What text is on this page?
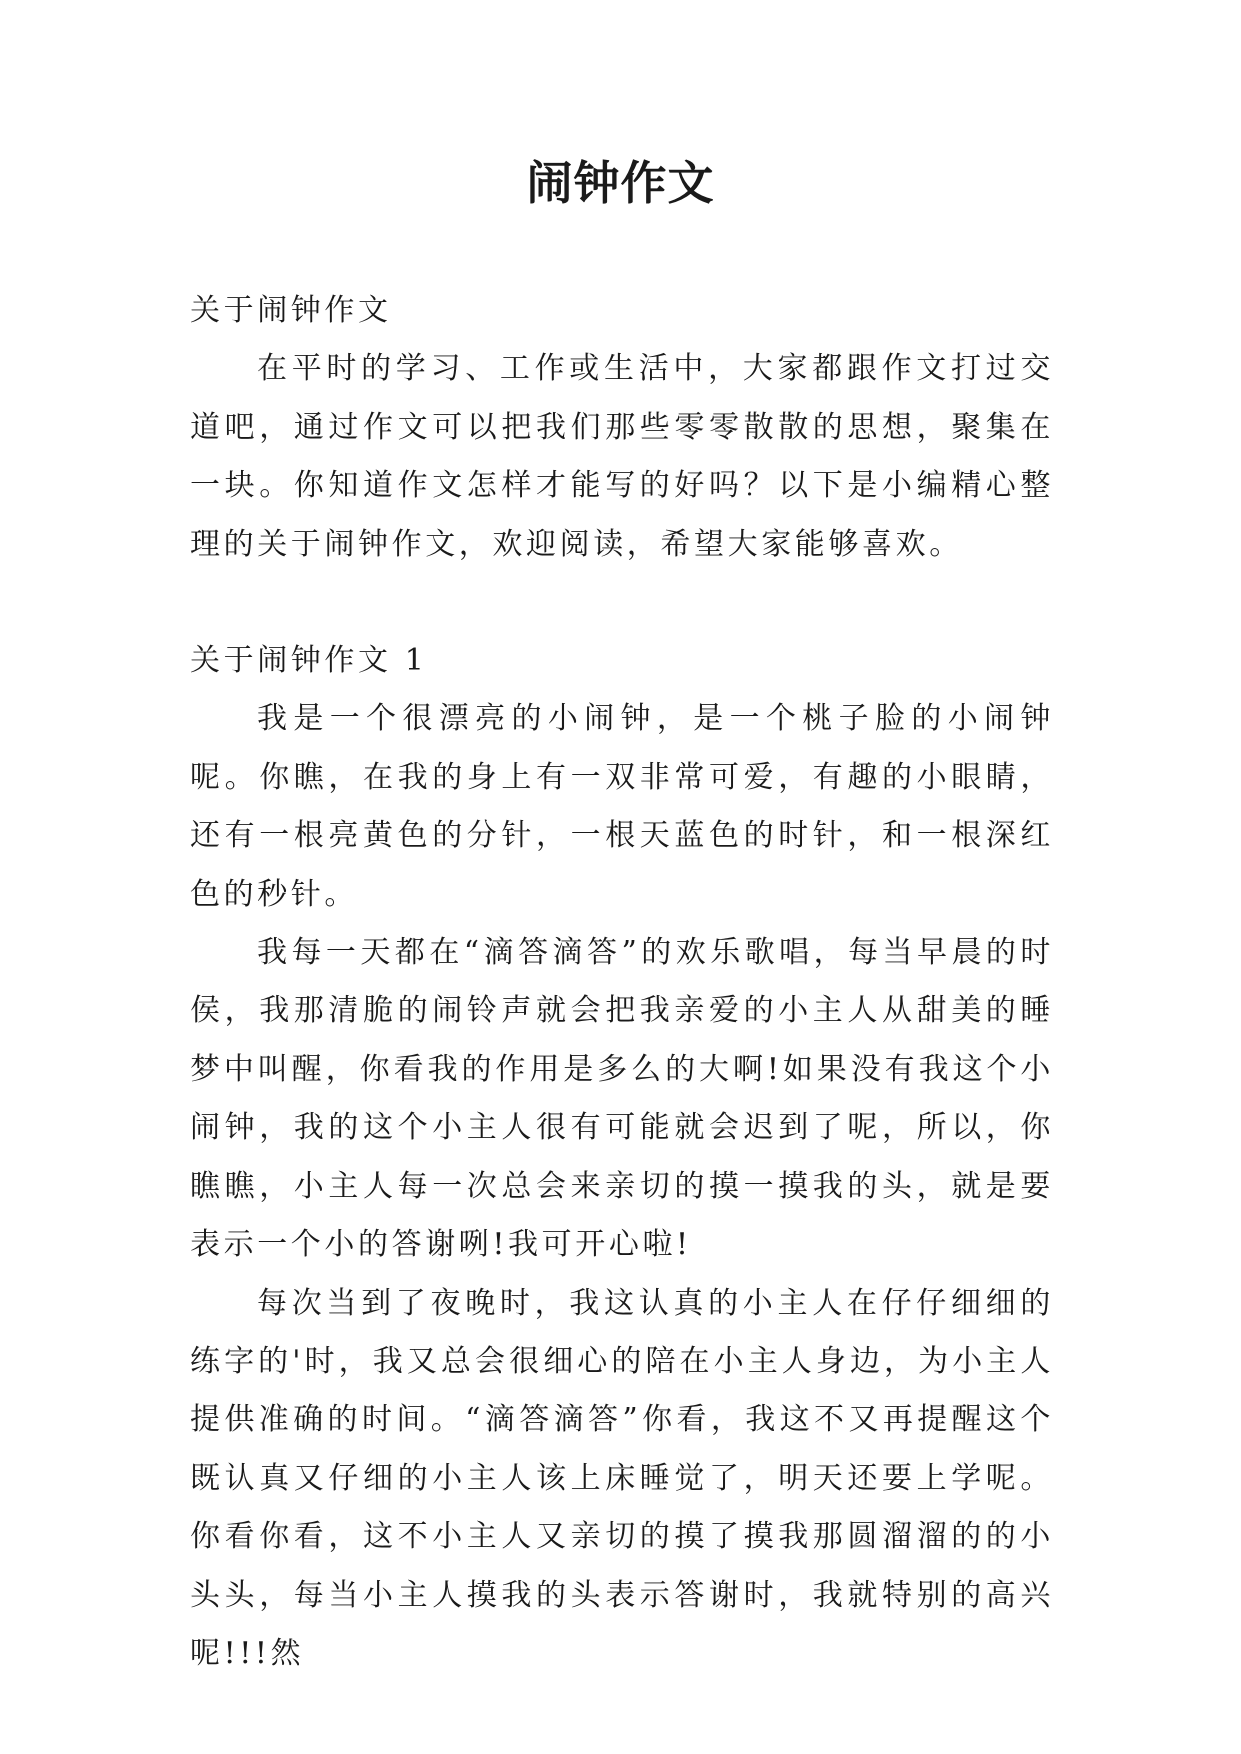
闹钟作文

关于闹钟作文

在平时的学习、工作或生活中，大家都跟作文打过交道吧，通过作文可以把我们那些零零散散的思想，聚集在一块。你知道作文怎样才能写的好吗？以下是小编精心整理的关于闹钟作文，欢迎阅读，希望大家能够喜欢。

关于闹钟作文 1

我是一个很漂亮的小闹钟，是一个桃子脸的小闹钟呢。你瞧，在我的身上有一双非常可爱，有趣的小眼睛，还有一根亮黄色的分针，一根天蓝色的时针，和一根深红色的秒针。

我每一天都在“滴答滴答”的欢乐歌唱，每当早晨的时侯，我那清脆的闹铃声就会把我亲爱的小主人从甜美的睡梦中叫醒，你看我的作用是多么的大啊!如果没有我这个小闹钟，我的这个小主人很有可能就会迟到了呢，所以，你瞧瞧，小主人每一次总会来亲切的摸一摸我的头，就是要表示一个小的答谢咧!我可开心啦!

每次当到了夜晚时，我这认真的小主人在仔仔细细的练字的'时，我又总会很细心的陪在小主人身边，为小主人提供准确的时间。“滴答滴答”你看，我这不又再提醒这个既认真又仔细的小主人该上床睡觉了，明天还要上学呢。你看你看，这不小主人又亲切的摸了摸我那圆溜溜的的小头头，每当小主人摸我的头表示答谢时，我就特别的高兴呢!!!然
